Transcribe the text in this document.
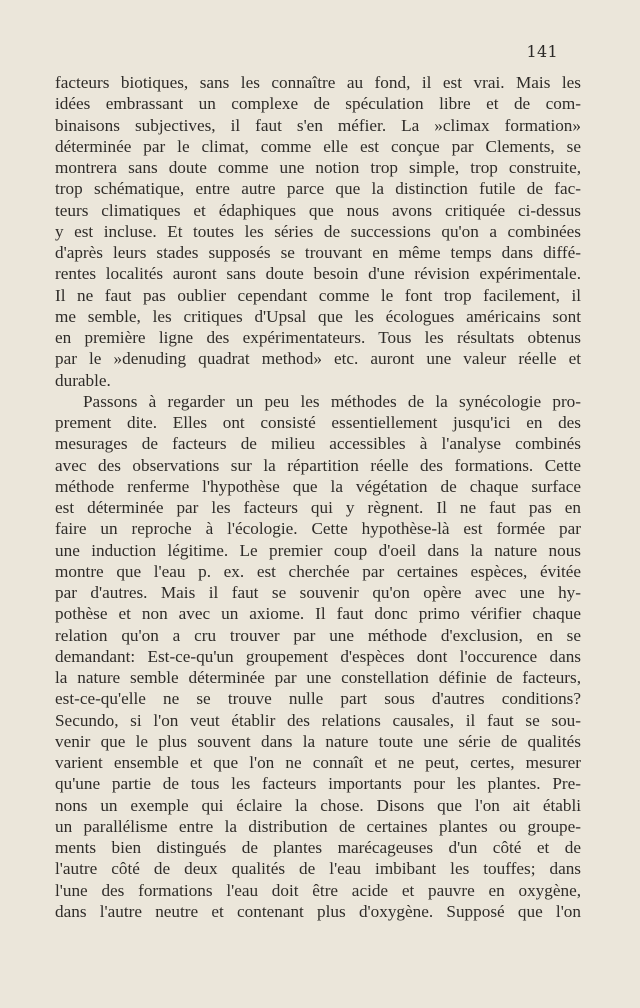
141
facteurs biotiques, sans les connaître au fond, il est vrai. Mais les
idées embrassant un complexe de spéculation libre et de com-
binaisons subjectives, il faut s'en méfier. La »climax formation»
déterminée par le climat, comme elle est conçue par Clements, se
montrera sans doute comme une notion trop simple, trop construite,
trop schématique, entre autre parce que la distinction futile de fac-
teurs climatiques et édaphiques que nous avons critiquée ci-dessus
y est incluse. Et toutes les séries de successions qu'on a combinées
d'après leurs stades supposés se trouvant en même temps dans diffé-
rentes localités auront sans doute besoin d'une révision expérimentale.
Il ne faut pas oublier cependant comme le font trop facilement, il
me semble, les critiques d'Upsal que les écologues américains sont
en première ligne des expérimentateurs. Tous les résultats obtenus
par le »denuding quadrat method» etc. auront une valeur réelle et
durable.
Passons à regarder un peu les méthodes de la synécologie pro-
prement dite. Elles ont consisté essentiellement jusqu'ici en des
mesurages de facteurs de milieu accessibles à l'analyse combinés
avec des observations sur la répartition réelle des formations. Cette
méthode renferme l'hypothèse que la végétation de chaque surface
est déterminée par les facteurs qui y règnent. Il ne faut pas en
faire un reproche à l'écologie. Cette hypothèse-là est formée par
une induction légitime. Le premier coup d'oeil dans la nature nous
montre que l'eau p. ex. est cherchée par certaines espèces, évitée
par d'autres. Mais il faut se souvenir qu'on opère avec une hy-
pothèse et non avec un axiome. Il faut donc primo vérifier chaque
relation qu'on a cru trouver par une méthode d'exclusion, en se
demandant: Est-ce-qu'un groupement d'espèces dont l'occurence dans
la nature semble déterminée par une constellation définie de facteurs,
est-ce-qu'elle ne se trouve nulle part sous d'autres conditions?
Secundo, si l'on veut établir des relations causales, il faut se sou-
venir que le plus souvent dans la nature toute une série de qualités
varient ensemble et que l'on ne connaît et ne peut, certes, mesurer
qu'une partie de tous les facteurs importants pour les plantes. Pre-
nons un exemple qui éclaire la chose. Disons que l'on ait établi
un parallélisme entre la distribution de certaines plantes ou groupe-
ments bien distingués de plantes marécageuses d'un côté et de
l'autre côté de deux qualités de l'eau imbibant les touffes; dans
l'une des formations l'eau doit être acide et pauvre en oxygène,
dans l'autre neutre et contenant plus d'oxygène. Supposé que l'on
